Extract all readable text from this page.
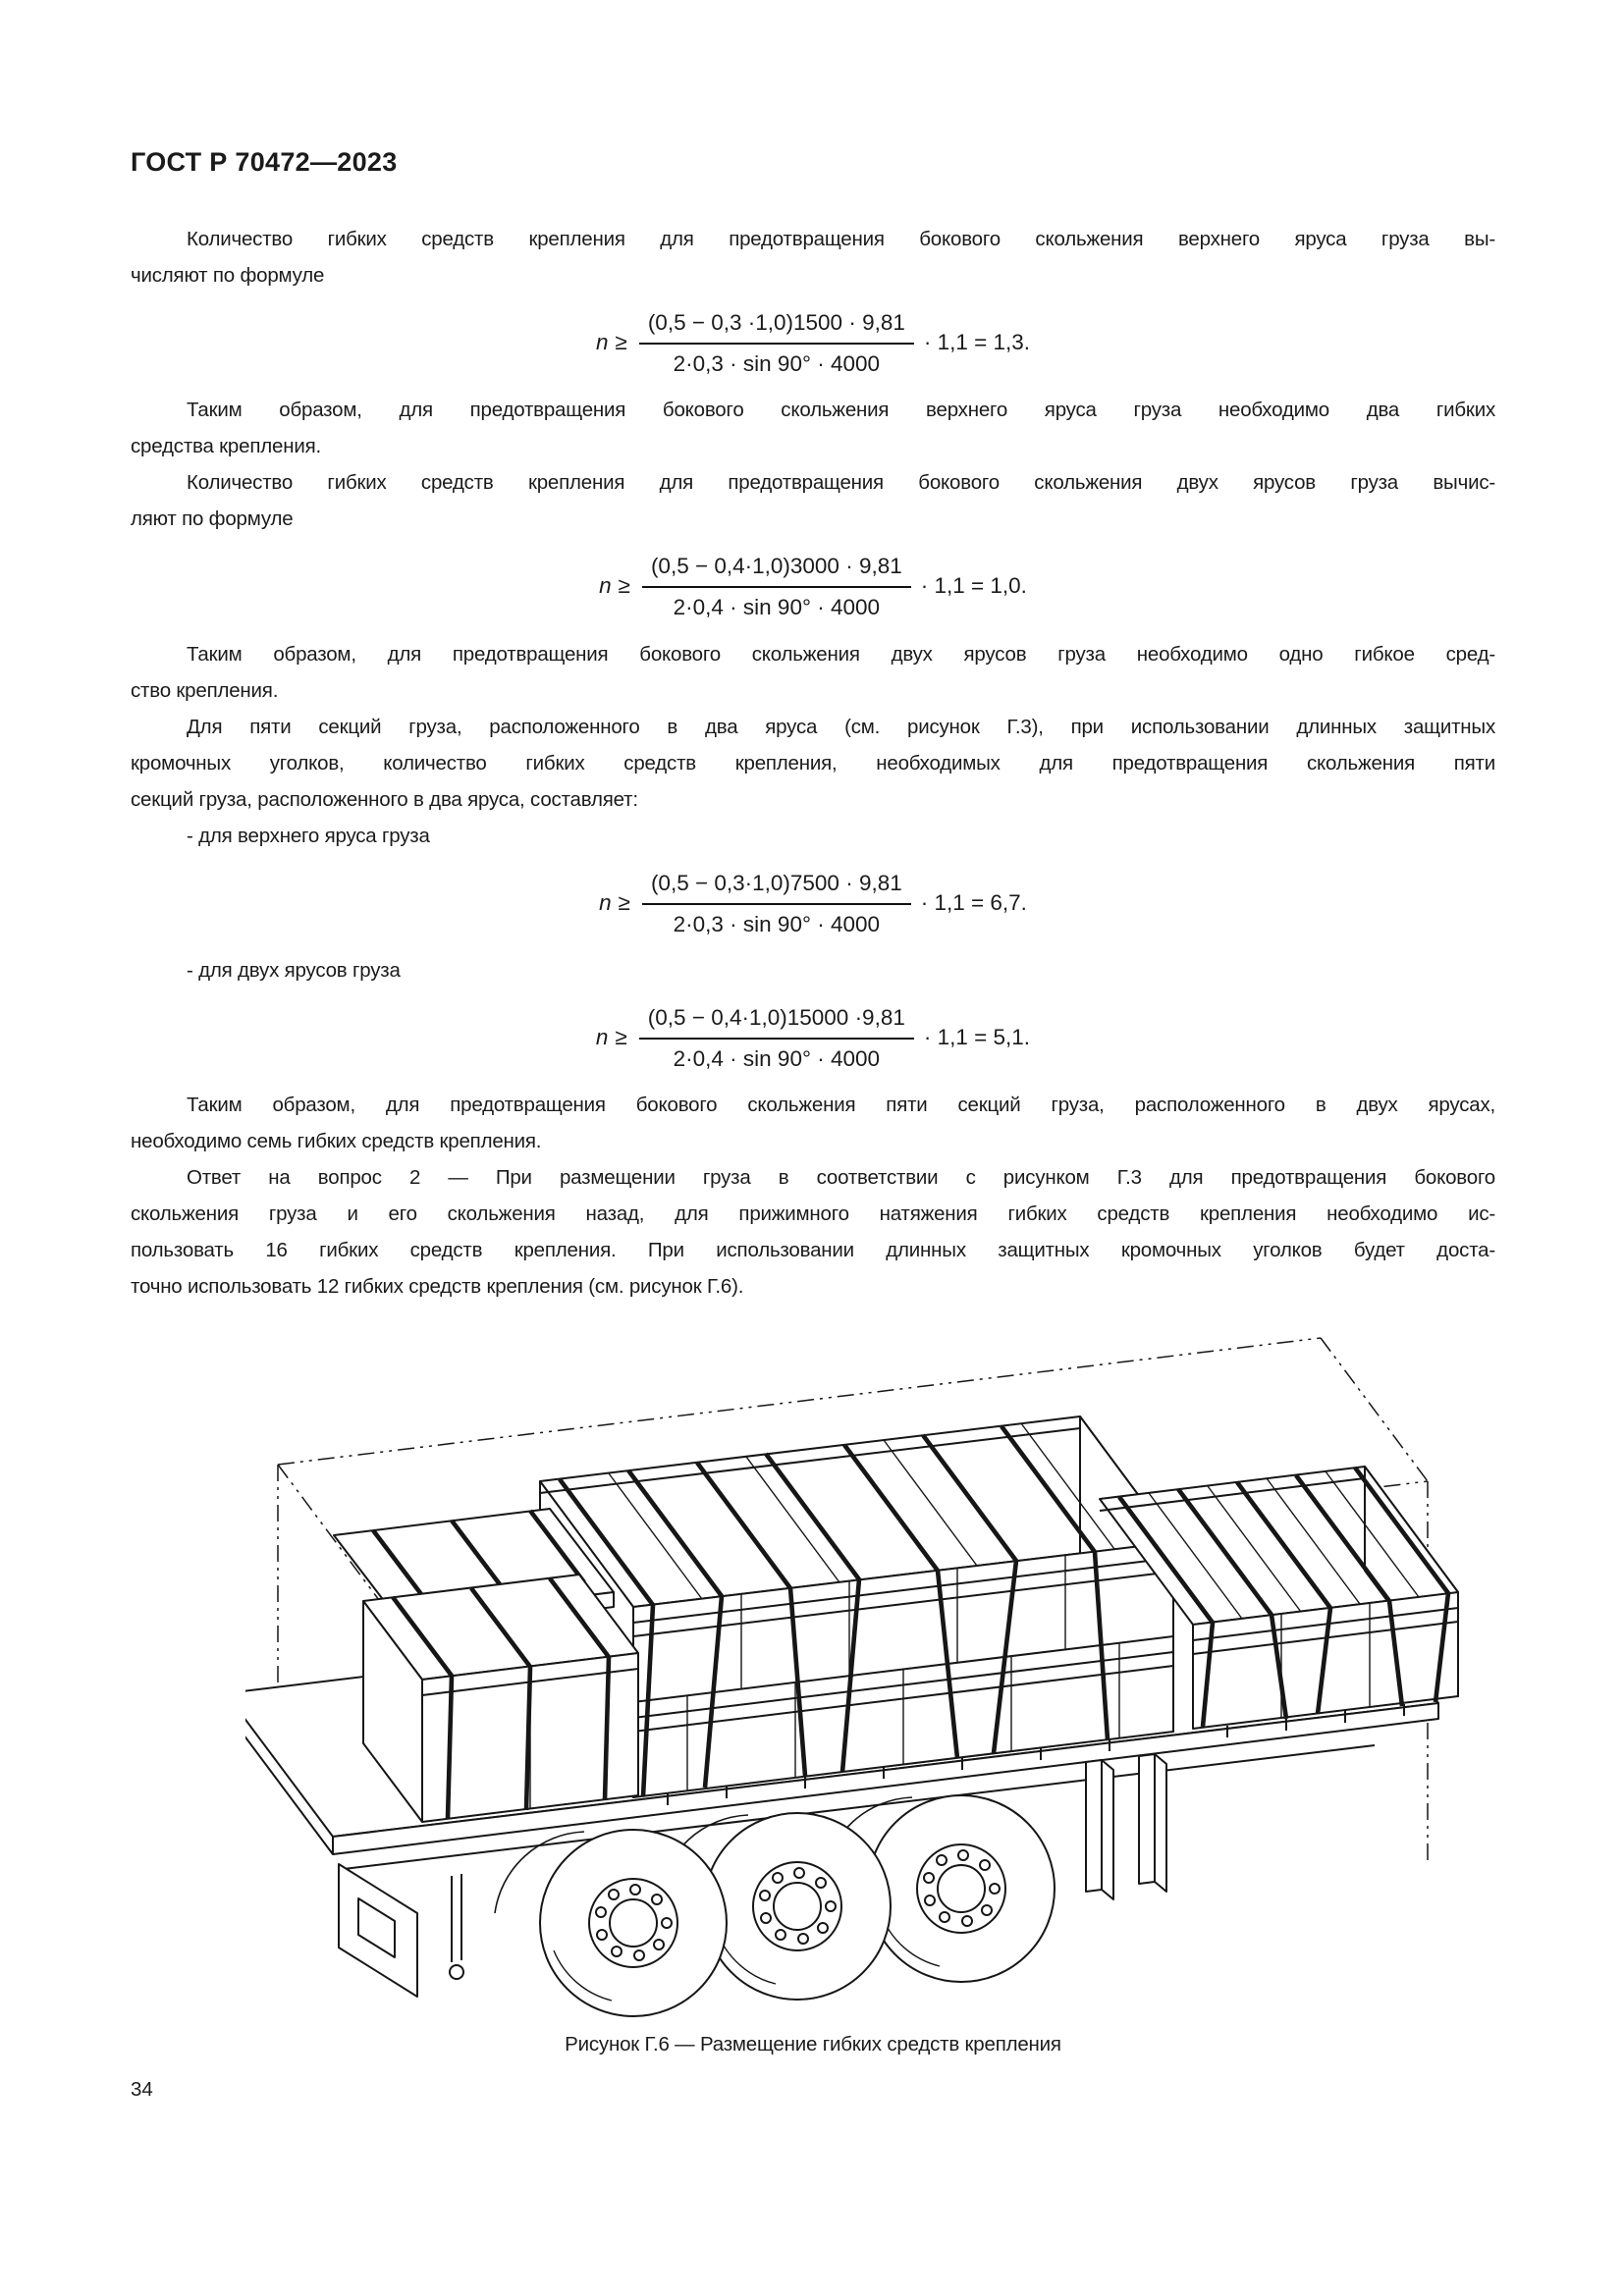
ГОСТ Р 70472—2023
Количество гибких средств крепления для предотвращения бокового скольжения верхнего яруса груза вы-
числяют по формуле
$n \ge \frac{(0,5 - 0,3 \cdot 1,0)1500 \cdot 9,81}{2\cdot 0,3 \cdot \sin 90^\circ \cdot 4000} \cdot 1,1 = 1,3$.
Таким образом, для предотвращения бокового скольжения верхнего яруса груза необходимо два гибких
средства крепления.
Количество гибких средств крепления для предотвращения бокового скольжения двух ярусов груза вычис-
ляют по формуле
$n \ge \frac{(0,5 - 0,4\cdot 1,0)3000 \cdot 9,81}{2\cdot 0,4 \cdot \sin 90^\circ \cdot 4000} \cdot 1,1 = 1,0$.
Таким образом, для предотвращения бокового скольжения двух ярусов груза необходимо одно гибкое сред-
ство крепления.
Для пяти секций груза, расположенного в два яруса (см. рисунок Г.3), при использовании длинных защитных
кромочных уголков, количество гибких средств крепления, необходимых для предотвращения скольжения пяти
секций груза, расположенного в два яруса, составляет:
- для верхнего яруса груза
$n \ge \frac{(0,5 - 0,3\cdot 1,0)7500 \cdot 9,81}{2\cdot 0,3 \cdot \sin 90^\circ \cdot 4000} \cdot 1,1 = 6,7$.
- для двух ярусов груза
$n \ge \frac{(0,5 - 0,4\cdot 1,0)15000 \cdot 9,81}{2\cdot 0,4 \cdot \sin 90^\circ \cdot 4000} \cdot 1,1 = 5,1$.
Таким образом, для предотвращения бокового скольжения пяти секций груза, расположенного в двух ярусах,
необходимо семь гибких средств крепления.
Ответ на вопрос 2 — При размещении груза в соответствии с рисунком Г.3 для предотвращения бокового
скольжения груза и его скольжения назад, для прижимного натяжения гибких средств крепления необходимо ис-
пользовать 16 гибких средств крепления. При использовании длинных защитных кромочных уголков будет доста-
точно использовать 12 гибких средств крепления (см. рисунок Г.6).
Рисунок Г.6 — Размещение гибких средств крепления
34
